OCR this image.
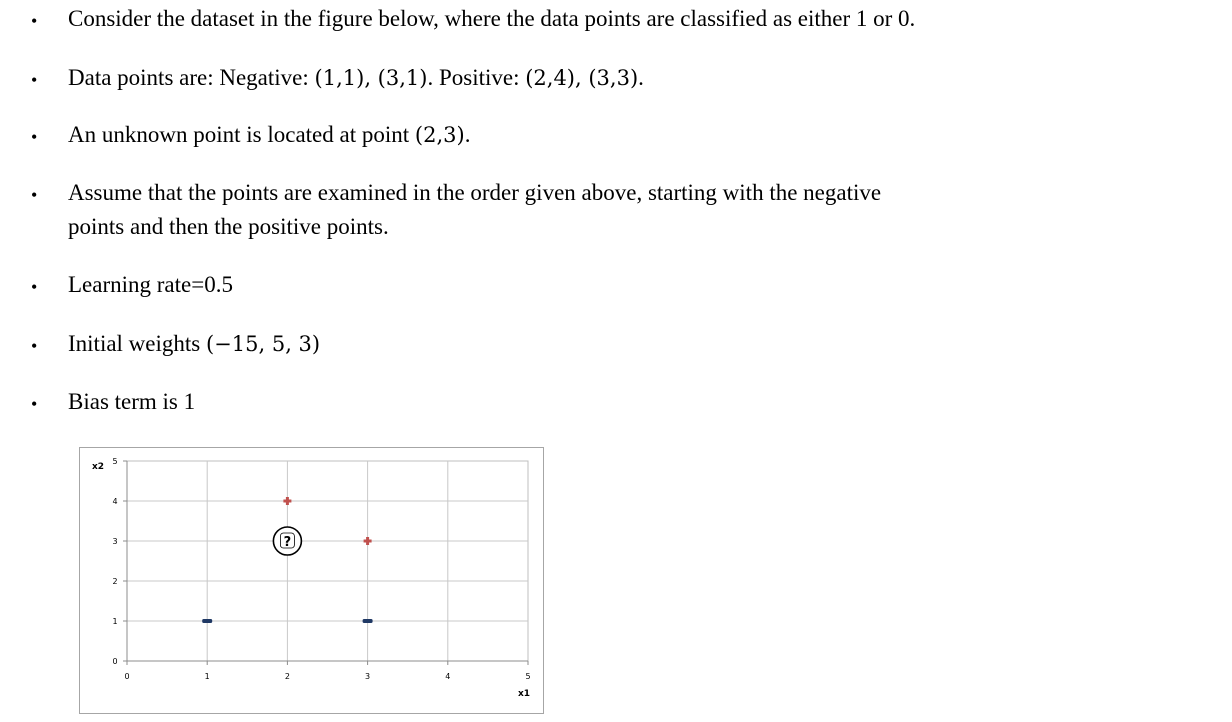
• Consider the dataset in the figure below, where the data points are classified as either 1 or 0.
• Data points are: Negative: (1,1), (3,1). Positive: (2,4), (3,3).
• An unknown point is located at point (2,3).
• Assume that the points are examined in the order given above, starting with the negative
points and then the positive points.
• Learning rate=0.5
• Initial weights (−15, 5, 3)
• Bias term is 1
0
1
2
3
4
5
0	1	2	3	4	5
x1
x2
?
